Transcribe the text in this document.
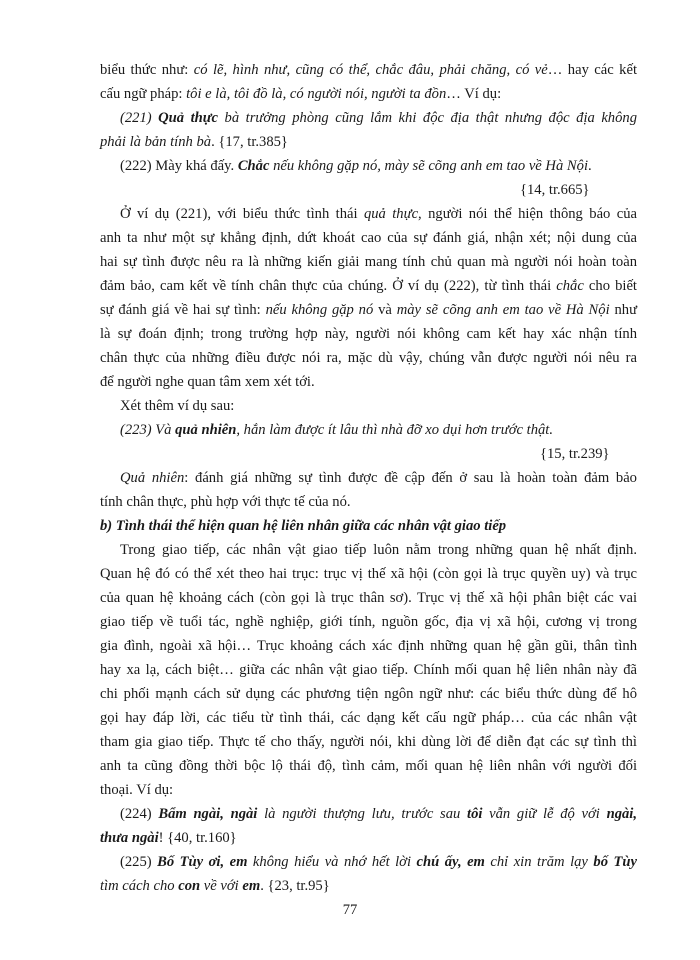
biểu thức như: có lẽ, hình như, cũng có thể, chắc đâu, phải chăng, có vẻ… hay các kết
cấu ngữ pháp: tôi e là, tôi đồ là, có người nói, người ta đồn… Ví dụ:
(221) Quả thực bà trưởng phòng cũng lắm khi độc địa thật nhưng độc địa không
phải là bản tính bà. {17, tr.385}
(222) Mày khá đấy. Chắc nếu không gặp nó, mày sẽ cõng anh em tao về Hà Nội.
{14, tr.665}
Ở ví dụ (221), với biểu thức tình thái quả thực, người nói thể hiện thông báo của
anh ta như một sự khẳng định, dứt khoát cao của sự đánh giá, nhận xét; nội dung của
hai sự tình được nêu ra là những kiến giải mang tính chủ quan mà người nói hoàn toàn
đảm bảo, cam kết về tính chân thực của chúng. Ở ví dụ (222), từ tình thái chắc cho biết
sự đánh giá về hai sự tình: nếu không gặp nó và mày sẽ cõng anh em tao về Hà Nội như
là sự đoán định; trong trường hợp này, người nói không cam kết hay xác nhận tính
chân thực của những điều được nói ra, mặc dù vậy, chúng vẫn được người nói nêu ra
để người nghe quan tâm xem xét tới.
Xét thêm ví dụ sau:
(223) Và quả nhiên, hắn làm được ít lâu thì nhà đỡ xo dụi hơn trước thật.
{15, tr.239}
Quả nhiên: đánh giá những sự tình được đề cập đến ở sau là hoàn toàn đảm bảo
tính chân thực, phù hợp với thực tế của nó.
b) Tình thái thể hiện quan hệ liên nhân giữa các nhân vật giao tiếp
Trong giao tiếp, các nhân vật giao tiếp luôn nằm trong những quan hệ nhất định.
Quan hệ đó có thể xét theo hai trục: trục vị thế xã hội (còn gọi là trục quyền uy) và trục
của quan hệ khoảng cách (còn gọi là trục thân sơ). Trục vị thế xã hội phân biệt các vai
giao tiếp về tuổi tác, nghề nghiệp, giới tính, nguồn gốc, địa vị xã hội, cương vị trong
gia đình, ngoài xã hội… Trục khoảng cách xác định những quan hệ gần gũi, thân tình
hay xa lạ, cách biệt… giữa các nhân vật giao tiếp. Chính mối quan hệ liên nhân này đã
chi phối mạnh cách sử dụng các phương tiện ngôn ngữ như: các biểu thức dùng để hô
gọi hay đáp lời, các tiểu từ tình thái, các dạng kết cấu ngữ pháp… của các nhân vật
tham gia giao tiếp. Thực tế cho thấy, người nói, khi dùng lời để diễn đạt các sự tình thì
anh ta cũng đồng thời bộc lộ thái độ, tình cảm, mối quan hệ liên nhân với người đối
thoại. Ví dụ:
(224) Bẩm ngài, ngài là người thượng lưu, trước sau tôi vẫn giữ lễ độ với ngài,
thưa ngài! {40, tr.160}
(225) Bố Tùy ơi, em không hiểu và nhớ hết lời chú ấy, em chỉ xin trăm lạy bố Tùy
tìm cách cho con về với em. {23, tr.95}
77
